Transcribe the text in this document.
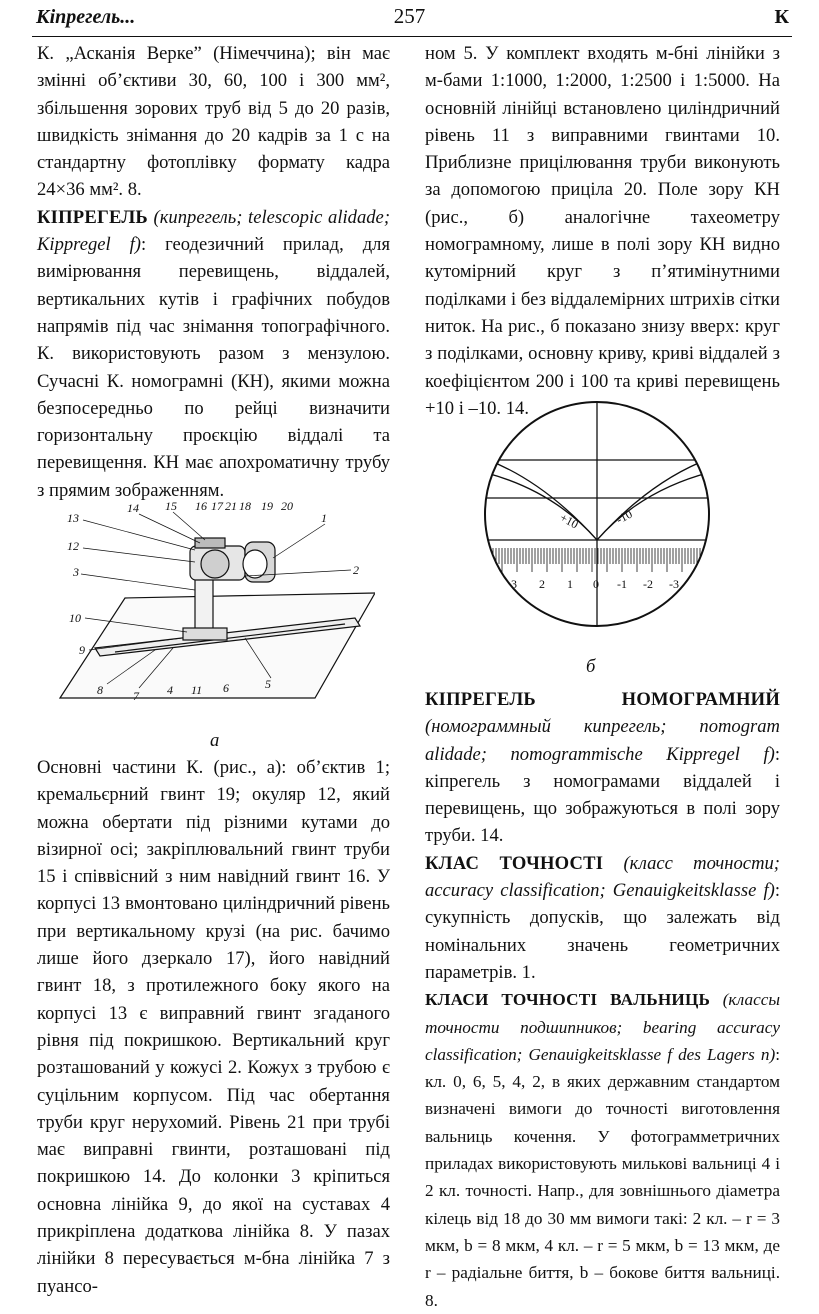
Кіпрегель...	257	К

К. „Асканія Верке” (Німеччина); він має змінні об’єктиви 30, 60, 100 і 300 мм², збільшення зорових труб від 5 до 20 разів, швидкість знімання до 20 кадрів за 1 с на стандартну фотоплівку формату кадра 24×36 мм². 8.

КІПРЕГЕЛЬ (кипрегель; telescopic alidade; Kippregel f): геодезичний прилад, для вимірювання перевищень, віддалей, вертикальних кутів і графічних побудов напрямів під час знімання топографічного. К. використовують разом з мензулою. Сучасні К. номограмні (КН), якими можна безпосередньо по рейці визначити горизонтальну проєкцію віддалі та перевищення. КН має апохроматичну трубу з прямим зображенням.

13
14 15 16 17 21 18 19 20
1
12
3	2
10
9
8	7 4 11 6	5
а

Основні частини К. (рис., а): об’єктив 1; кремальєрний гвинт 19; окуляр 12, який можна обертати під різними кутами до візирної осі; закріплювальний гвинт труби 15 і співвісний з ним навідний гвинт 16. У корпусі 13 вмонтовано циліндричний рівень при вертикальному крузі (на рис. бачимо лише його дзеркало 17), його навідний гвинт 18, з протилежного боку якого на корпусі 13 є виправний гвинт згаданого рівня під покришкою. Вертикальний круг розташований у кожусі 2. Кожух з трубою є суцільним корпусом. Під час обертання труби круг нерухомий. Рівень 21 при трубі має виправні гвинти, розташовані під покришкою 14. До колонки 3 кріпиться основна лінійка 9, до якої на суставах 4 прикріплена додаткова лінійка 8. У пазах лінійки 8 пересувається м-бна лінійка 7 з пуансо-

ном 5. У комплект входять м-бні лінійки з м-бами 1:1000, 1:2000, 1:2500 і 1:5000. На основній лінійці встановлено циліндричний рівень 11 з виправними гвинтами 10. Приблизне прицілювання труби виконують за допомогою приціла 20. Поле зору КН (рис., б) аналогічне тахеометру номограмному, лише в полі зору КН видно кутомірний круг з п’ятимінутними поділками і без віддалемірних штрихів сітки ниток. На рис., б показано знизу вверх: круг з поділками, основну криву, криві віддалей з коефіцієнтом 200 і 100 та криві перевищень +10 і –10. 14.

+10	-10
3 2 1 0 -1 -2 -3
б

КІПРЕГЕЛЬ НОМОГРАМНИЙ (номограммный кипрегель; nomogram alidade; nomogrammische Kippregel f): кіпрегель з номограмами віддалей і перевищень, що зображуються в полі зору труби. 14.

КЛАС ТОЧНОСТІ (класс точности; accuracy classification; Genauigkeitsklasse f): сукупність допусків, що залежать від номінальних значень геометричних параметрів. 1.

КЛАСИ ТОЧНОСТІ ВАЛЬНИЦЬ (классы точности подшипников; bearing accuracy classification; Genauigkeitsklasse f des Lagers n): кл. 0, 6, 5, 4, 2, в яких державним стандартом визначені вимоги до точності виготовлення вальниць кочення. У фотограмметричних приладах використовують милькові вальниці 4 і 2 кл. точності. Напр., для зовнішнього діаметра кілець від 18 до 30 мм вимоги такі: 2 кл. – r = 3 мкм, b = 8 мкм, 4 кл. – r = 5 мкм, b = 13 мкм, де r – радіальне биття, b – бокове биття вальниці. 8.
